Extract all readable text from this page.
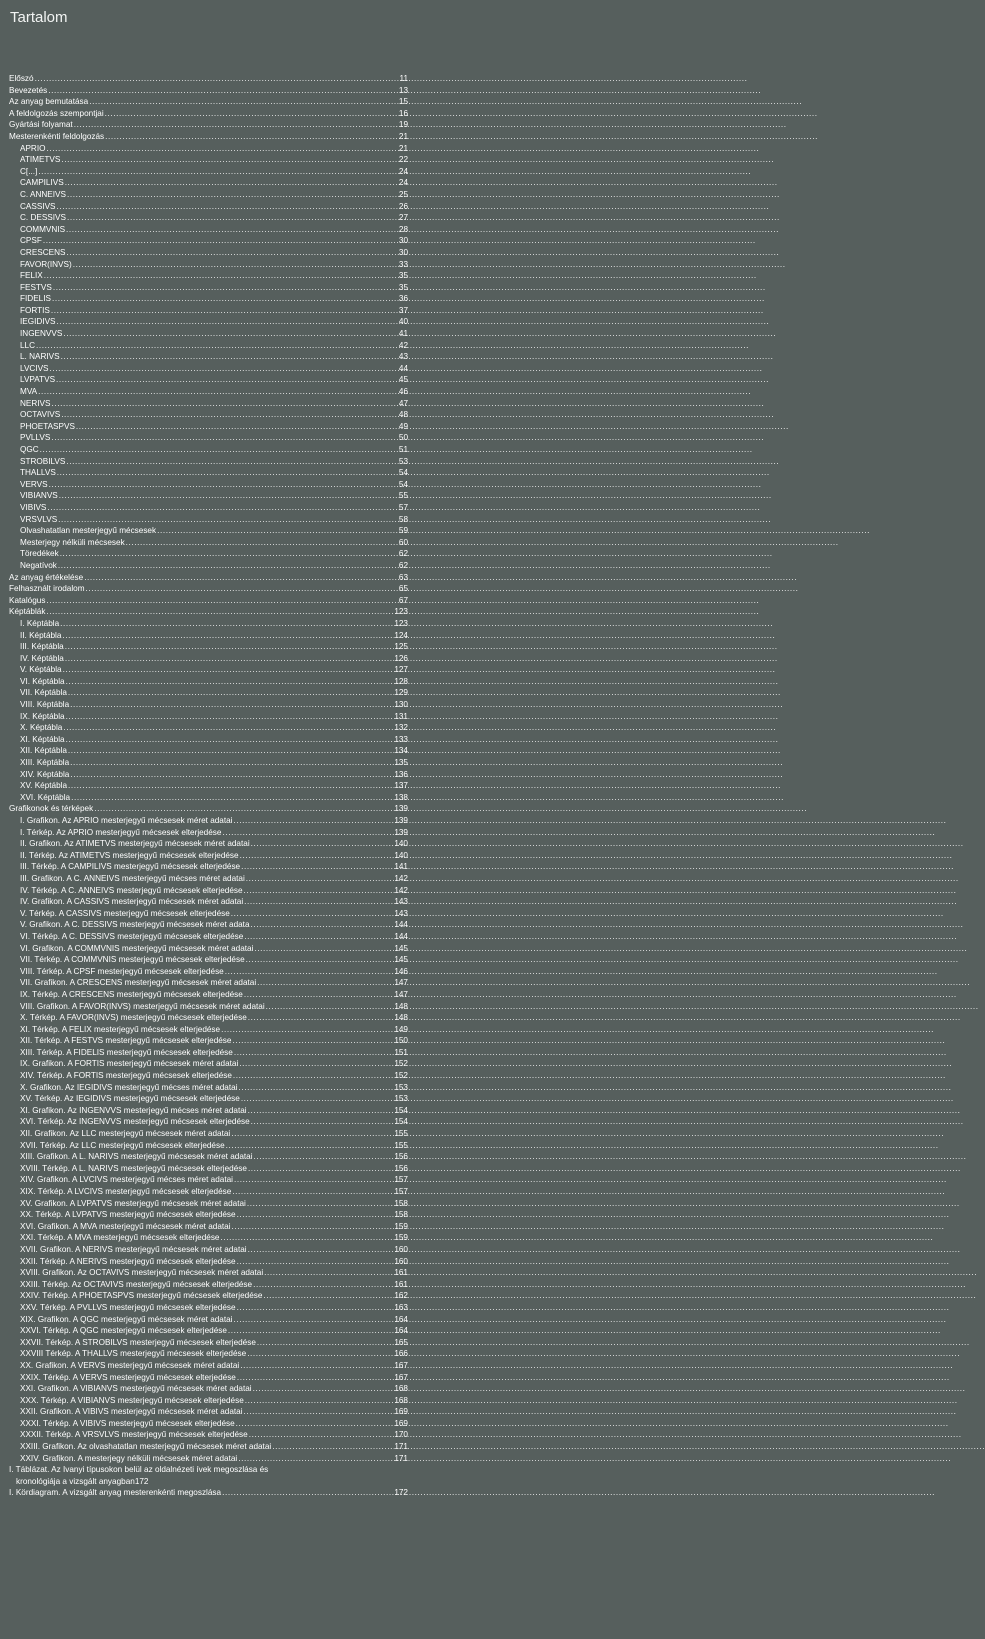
Tartalom
Előszó .....	11
Bevezetés .....	13
Az anyag bemutatása .....	15
A feldolgozás szempontjai .....	16
Gyártási folyamat .....	19
Mesterenkénti feldolgozás .....	21
APRIO .....	21
ATIMETVS .....	22
C[...] .....	24
CAMPILIVS .....	24
C. ANNEIVS .....	25
CASSIVS .....	26
C. DESSIVS .....	27
COMMVNIS .....	28
CPSF .....	30
CRESCENS .....	30
FAVOR(INVS) .....	33
FELIX .....	35
FESTVS .....	35
FIDELIS .....	36
FORTIS .....	37
IEGIDIVS .....	40
INGENVVS .....	41
LLC .....	42
L. NARIVS .....	43
LVCIVS .....	44
LVPATVS .....	45
MVA .....	46
NERIVS .....	47
OCTAVIVS .....	48
PHOETASPVS .....	49
PVLLVS .....	50
QGC .....	51
STROBILVS .....	53
THALLVS .....	54
VERVS .....	54
VIBIANVS .....	55
VIBIVS .....	57
VRSVLVS .....	58
Olvashatatlan mesterjegyű mécsesek .....	59
Mesterjegy nélküli mécsesek .....	60
Töredékek .....	62
Negatívok .....	62
Az anyag értékelése .....	63
Felhasznált irodalom .....	65
Katalógus .....	67
Képtáblák .....	123
I. Képtábla .....	123
II. Képtábla .....	124
III. Képtábla .....	125
IV. Képtábla .....	126
V. Képtábla .....	127
VI. Képtábla .....	128
VII. Képtábla .....	129
VIII. Képtábla .....	130
IX. Képtábla .....	131
X. Képtábla .....	132
XI. Képtábla .....	133
XII. Képtábla .....	134
XIII. Képtábla .....	135
XIV. Képtábla .....	136
XV. Képtábla .....	137
XVI. Képtábla .....	138
Grafikonok és térképek .....	139
I. Grafikon. Az APRIO mesterjegyű mécsesek méret adatai .....	139
I. Térkép. Az APRIO mesterjegyű mécsesek elterjedése .....	139
II. Grafikon. Az ATIMETVS mesterjegyű mécsesek méret adatai .....	140
II. Térkép. Az ATIMETVS mesterjegyű mécsesek elterjedése .....	140
III. Térkép. A CAMPILIVS mesterjegyű mécsesek elterjedése .....	141
III. Grafikon. A C. ANNEIVS mesterjegyű mécses méret adatai .....	142
IV. Térkép. A C. ANNEIVS mesterjegyű mécsesek elterjedése .....	142
IV. Grafikon. A CASSIVS mesterjegyű mécsesek méret adatai .....	143
V. Térkép. A CASSIVS mesterjegyű mécsesek elterjedése .....	143
V. Grafikon. A C. DESSIVS mesterjegyű mécsesek méret adata .....	144
VI. Térkép. A C. DESSIVS mesterjegyű mécsesek elterjedése .....	144
VI. Grafikon. A COMMVNIS mesterjegyű mécsesek méret adatai .....	145
VII. Térkép. A COMMVNIS mesterjegyű mécsesek elterjedése .....	145
VIII. Térkép. A CPSF mesterjegyű mécsesek elterjedése .....	146
VII. Grafikon. A CRESCENS mesterjegyű mécsesek méret adatai .....	147
IX. Térkép. A CRESCENS mesterjegyű mécsesek elterjedése .....	147
VIII. Grafikon. A FAVOR(INVS) mesterjegyű mécsesek méret adatai .....	148
X. Térkép. A FAVOR(INVS) mesterjegyű mécsesek elterjedése .....	148
XI. Térkép. A FELIX mesterjegyű mécsesek elterjedése .....	149
XII. Térkép. A FESTVS mesterjegyű mécsesek elterjedése .....	150
XIII. Térkép. A FIDELIS mesterjegyű mécsesek elterjedése .....	151
IX. Grafikon. A FORTIS mesterjegyű mécsesek méret adatai .....	152
XIV. Térkép. A FORTIS mesterjegyű mécsesek elterjedése .....	152
X. Grafikon. Az IEGIDIVS mesterjegyű mécses méret adatai .....	153
XV. Térkép. Az IEGIDIVS mesterjegyű mécsesek elterjedése .....	153
XI. Grafikon. Az INGENVVS mesterjegyű mécses méret adatai .....	154
XVI. Térkép. Az INGENVVS mesterjegyű mécsesek elterjedése .....	154
XII. Grafikon. Az LLC mesterjegyű mécsesek méret adatai .....	155
XVII. Térkép. Az LLC mesterjegyű mécsesek elterjedése .....	155
XIII. Grafikon. A L. NARIVS mesterjegyű mécsesek méret adatai .....	156
XVIII. Térkép. A L. NARIVS mesterjegyű mécsesek elterjedése .....	156
XIV. Grafikon. A LVCIVS mesterjegyű mécses méret adatai .....	157
XIX. Térkép. A LVCIVS mesterjegyű mécsesek elterjedése .....	157
XV. Grafikon. A LVPATVS mesterjegyű mécsesek méret adatai .....	158
XX. Térkép. A LVPATVS mesterjegyű mécsesek elterjedése .....	158
XVI. Grafikon. A MVA mesterjegyű mécsesek méret adatai .....	159
XXI. Térkép. A MVA mesterjegyű mécsesek elterjedése .....	159
XVII. Grafikon. A NERIVS mesterjegyű mécsesek méret adatai .....	160
XXII. Térkép. A NERIVS mesterjegyű mécsesek elterjedése .....	160
XVIII. Grafikon. Az OCTAVIVS mesterjegyű mécsesek méret adatai .....	161
XXIII. Térkép. Az OCTAVIVS mesterjegyű mécsesek elterjedése .....	161
XXIV. Térkép. A PHOETASPVS mesterjegyű mécsesek elterjedése .....	162
XXV. Térkép. A PVLLVS mesterjegyű mécsesek elterjedése .....	163
XIX. Grafikon. A QGC mesterjegyű mécsesek méret adatai .....	164
XXVI. Térkép. A QGC mesterjegyű mécsesek elterjedése .....	164
XXVII. Térkép. A STROBILVS mesterjegyű mécsesek elterjedése .....	165
XXVIII Térkép. A THALLVS mesterjegyű mécsesek elterjedése .....	166
XX. Grafikon. A VERVS mesterjegyű mécsesek méret adatai .....	167
XXIX. Térkép. A VERVS mesterjegyű mécsesek elterjedése .....	167
XXI. Grafikon. A VIBIANVS mesterjegyű mécsesek méret adatai .....	168
XXX. Térkép. A VIBIANVS mesterjegyű mécsesek elterjedése .....	168
XXII. Grafikon. A VIBIVS mesterjegyű mécsesek méret adatai .....	169
XXXI. Térkép. A VIBIVS mesterjegyű mécsesek elterjedése .....	169
XXXII. Térkép. A VRSVLVS mesterjegyű mécsesek elterjedése .....	170
XXIII. Grafikon. Az olvashatatlan mesterjegyű mécsesek méret adatai .....	171
XXIV. Grafikon. A mesterjegy nélküli mécsesek méret adatai .....	171
I. Táblázat. Az Ivanyi típusokon belül az oldalnézeti ívek megoszlása és
kronológiája a vizsgált anyagban 172
I. Kördiagram. A vizsgált anyag mesterenkénti megoszlása .....	172
